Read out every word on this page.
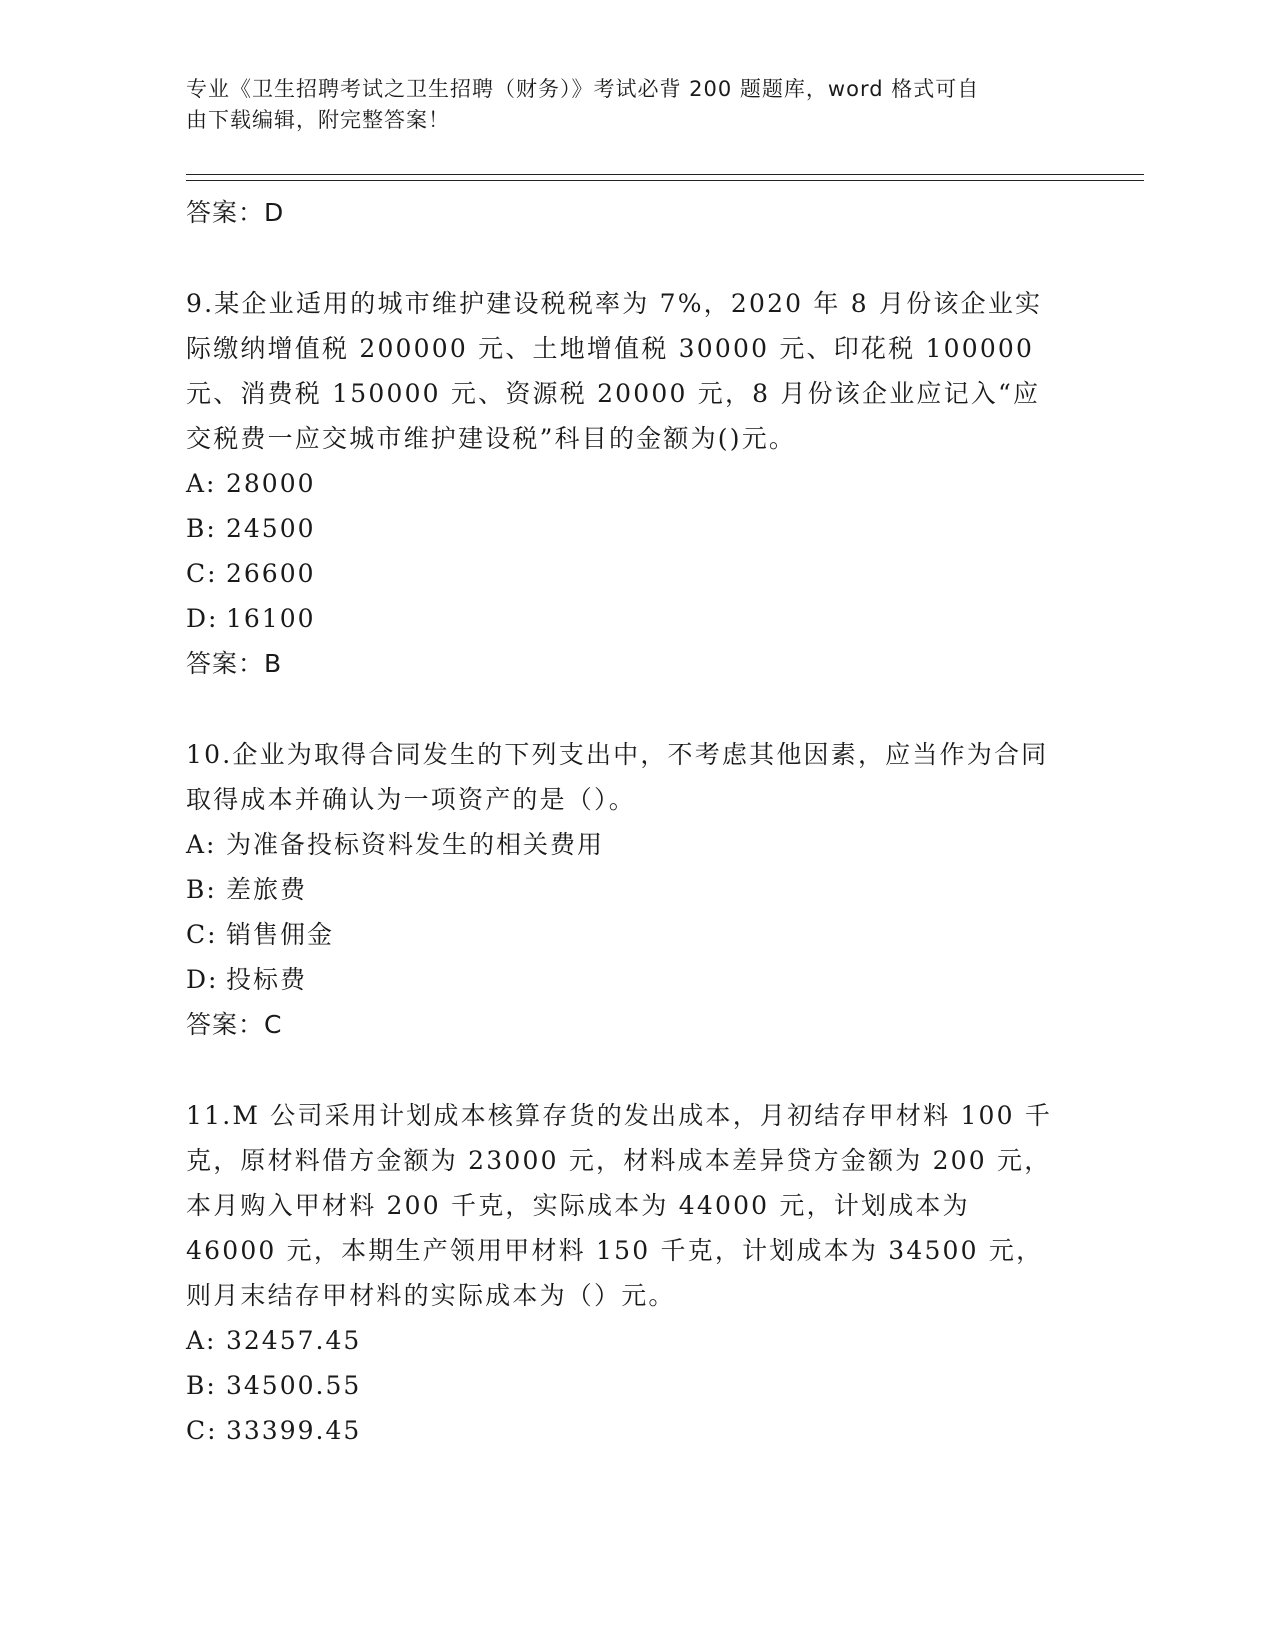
专业《卫生招聘考试之卫生招聘（财务）》考试必背 200 题题库，word 格式可自
由下载编辑，附完整答案！
答案：D
9.某企业适用的城市维护建设税税率为 7%，2020 年 8 月份该企业实际缴纳增值税 200000 元、土地增值税 30000 元、印花税 100000 元、消费税 150000 元、资源税 20000 元，8 月份该企业应记入“应交税费一应交城市维护建设税”科目的金额为()元。
A: 28000
B: 24500
C: 26600
D: 16100
答案：B
10.企业为取得合同发生的下列支出中，不考虑其他因素，应当作为合同取得成本并确认为一项资产的是（）。
A: 为准备投标资料发生的相关费用
B: 差旅费
C: 销售佣金
D: 投标费
答案：C
11.M 公司采用计划成本核算存货的发出成本，月初结存甲材料 100 千克，原材料借方金额为 23000 元，材料成本差异贷方金额为 200 元，本月购入甲材料 200 千克，实际成本为 44000 元，计划成本为 46000 元，本期生产领用甲材料 150 千克，计划成本为 34500 元，则月末结存甲材料的实际成本为（）元。
A: 32457.45
B: 34500.55
C: 33399.45
